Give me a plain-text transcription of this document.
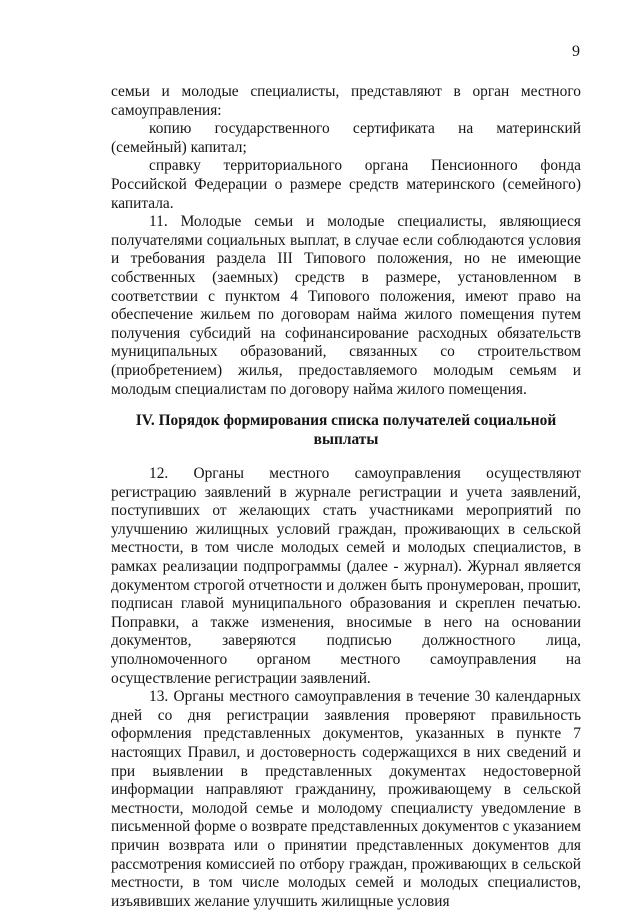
9

семьи и молодые специалисты, представляют в орган местного самоуправления:

копию государственного сертификата на материнский (семейный) капитал;

справку территориального органа Пенсионного фонда Российской Федерации о размере средств материнского (семейного) капитала.

11. Молодые семьи и молодые специалисты, являющиеся получателями социальных выплат, в случае если соблюдаются условия и требования раздела III Типового положения, но не имеющие собственных (заемных) средств в размере, установленном в соответствии с пунктом 4 Типового положения, имеют право на обеспечение жильем по договорам найма жилого помещения путем получения субсидий на софинансирование расходных обязательств муниципальных образований, связанных со строительством (приобретением) жилья, предоставляемого молодым семьям и молодым специалистам по договору найма жилого помещения.

IV. Порядок формирования списка получателей социальной выплаты

12. Органы местного самоуправления осуществляют регистрацию заявлений в журнале регистрации и учета заявлений, поступивших от желающих стать участниками мероприятий по улучшению жилищных условий граждан, проживающих в сельской местности, в том числе молодых семей и молодых специалистов, в рамках реализации подпрограммы (далее - журнал). Журнал является документом строгой отчетности и должен быть пронумерован, прошит, подписан главой муниципального образования и скреплен печатью. Поправки, а также изменения, вносимые в него на основании документов, заверяются подписью должностного лица, уполномоченного органом местного самоуправления на осуществление регистрации заявлений.

13. Органы местного самоуправления в течение 30 календарных дней со дня регистрации заявления проверяют правильность оформления представленных документов, указанных в пункте 7 настоящих Правил, и достоверность содержащихся в них сведений и при выявлении в представленных документах недостоверной информации направляют гражданину, проживающему в сельской местности, молодой семье и молодому специалисту уведомление в письменной форме о возврате представленных документов с указанием причин возврата или о принятии представленных документов для рассмотрения комиссией по отбору граждан, проживающих в сельской местности, в том числе молодых семей и молодых специалистов, изъявивших желание улучшить жилищные условия
